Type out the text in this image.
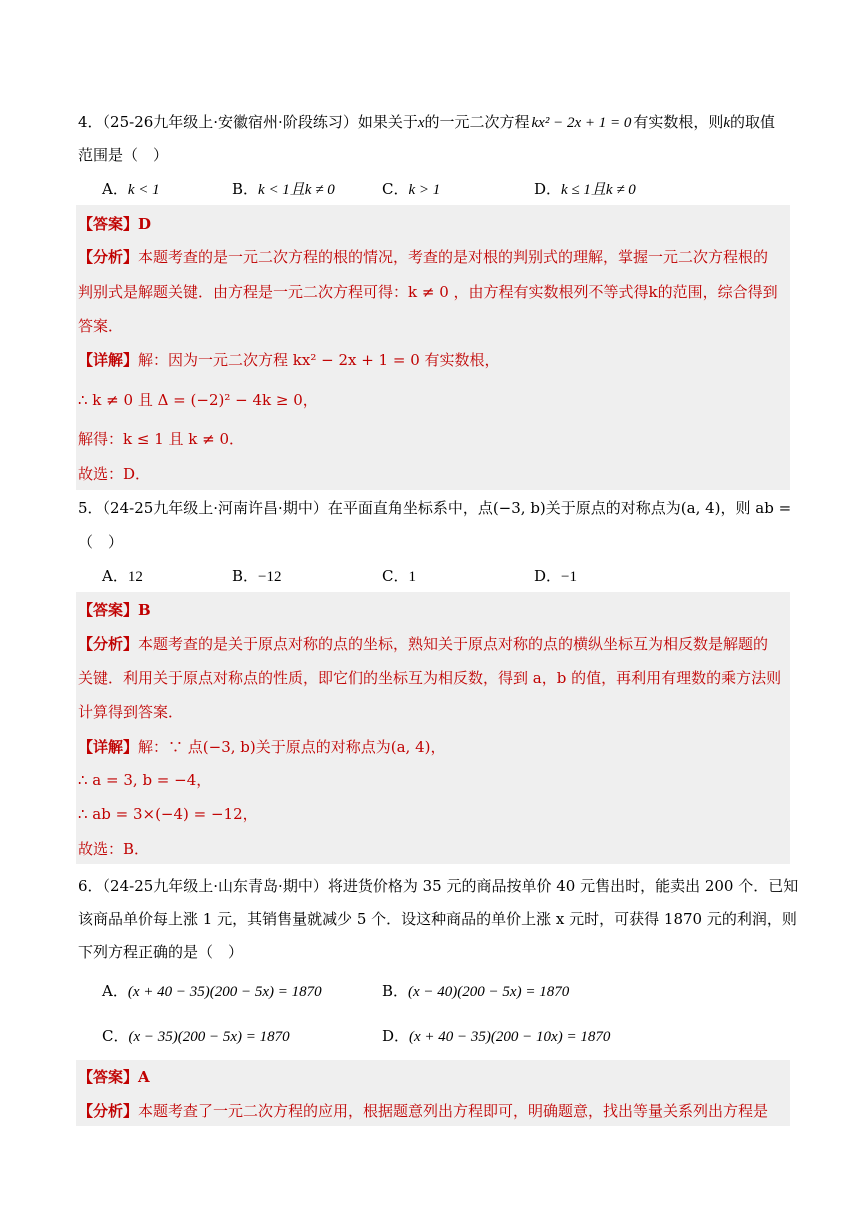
4．（25-26九年级上·安徽宿州·阶段练习）如果关于x的一元二次方程 kx² − 2x + 1 = 0 有实数根，则k的取值
范围是（　）
A．k < 1	B．k < 1且k ≠ 0	C．k > 1	D．k ≤ 1且k ≠ 0
【答案】D
【分析】本题考查的是一元二次方程的根的情况，考查的是对根的判别式的理解，掌握一元二次方程根的
判别式是解题关键．由方程是一元二次方程可得：k ≠ 0 ，由方程有实数根列不等式得k的范围，综合得到
答案．
【详解】解：因为一元二次方程 kx² − 2x + 1 = 0 有实数根，
∴ k ≠ 0 且 Δ = (−2)² − 4k ≥ 0，
解得：k ≤ 1 且 k ≠ 0．
故选：D．
5．（24-25九年级上·河南许昌·期中）在平面直角坐标系中，点(−3, b)关于原点的对称点为(a, 4)，则 ab =
（　）
A．12	B．−12	C．1	D．−1
【答案】B
【分析】本题考查的是关于原点对称的点的坐标，熟知关于原点对称的点的横纵坐标互为相反数是解题的
关键．利用关于原点对称点的性质，即它们的坐标互为相反数，得到 a，b 的值，再利用有理数的乘方法则
计算得到答案．
【详解】解：∵ 点(−3, b)关于原点的对称点为(a, 4)，
∴ a = 3, b = −4，
∴ ab = 3×(−4) = −12，
故选：B．
6．（24-25九年级上·山东青岛·期中）将进货价格为 35 元的商品按单价 40 元售出时，能卖出 200 个．已知
该商品单价每上涨 1 元，其销售量就减少 5 个．设这种商品的单价上涨 x 元时，可获得 1870 元的利润，则
下列方程正确的是（　）
A．(x + 40 − 35)(200 − 5x) = 1870	B．(x − 40)(200 − 5x) = 1870
C．(x − 35)(200 − 5x) = 1870	D．(x + 40 − 35)(200 − 10x) = 1870
【答案】A
【分析】本题考查了一元二次方程的应用，根据题意列出方程即可，明确题意，找出等量关系列出方程是
